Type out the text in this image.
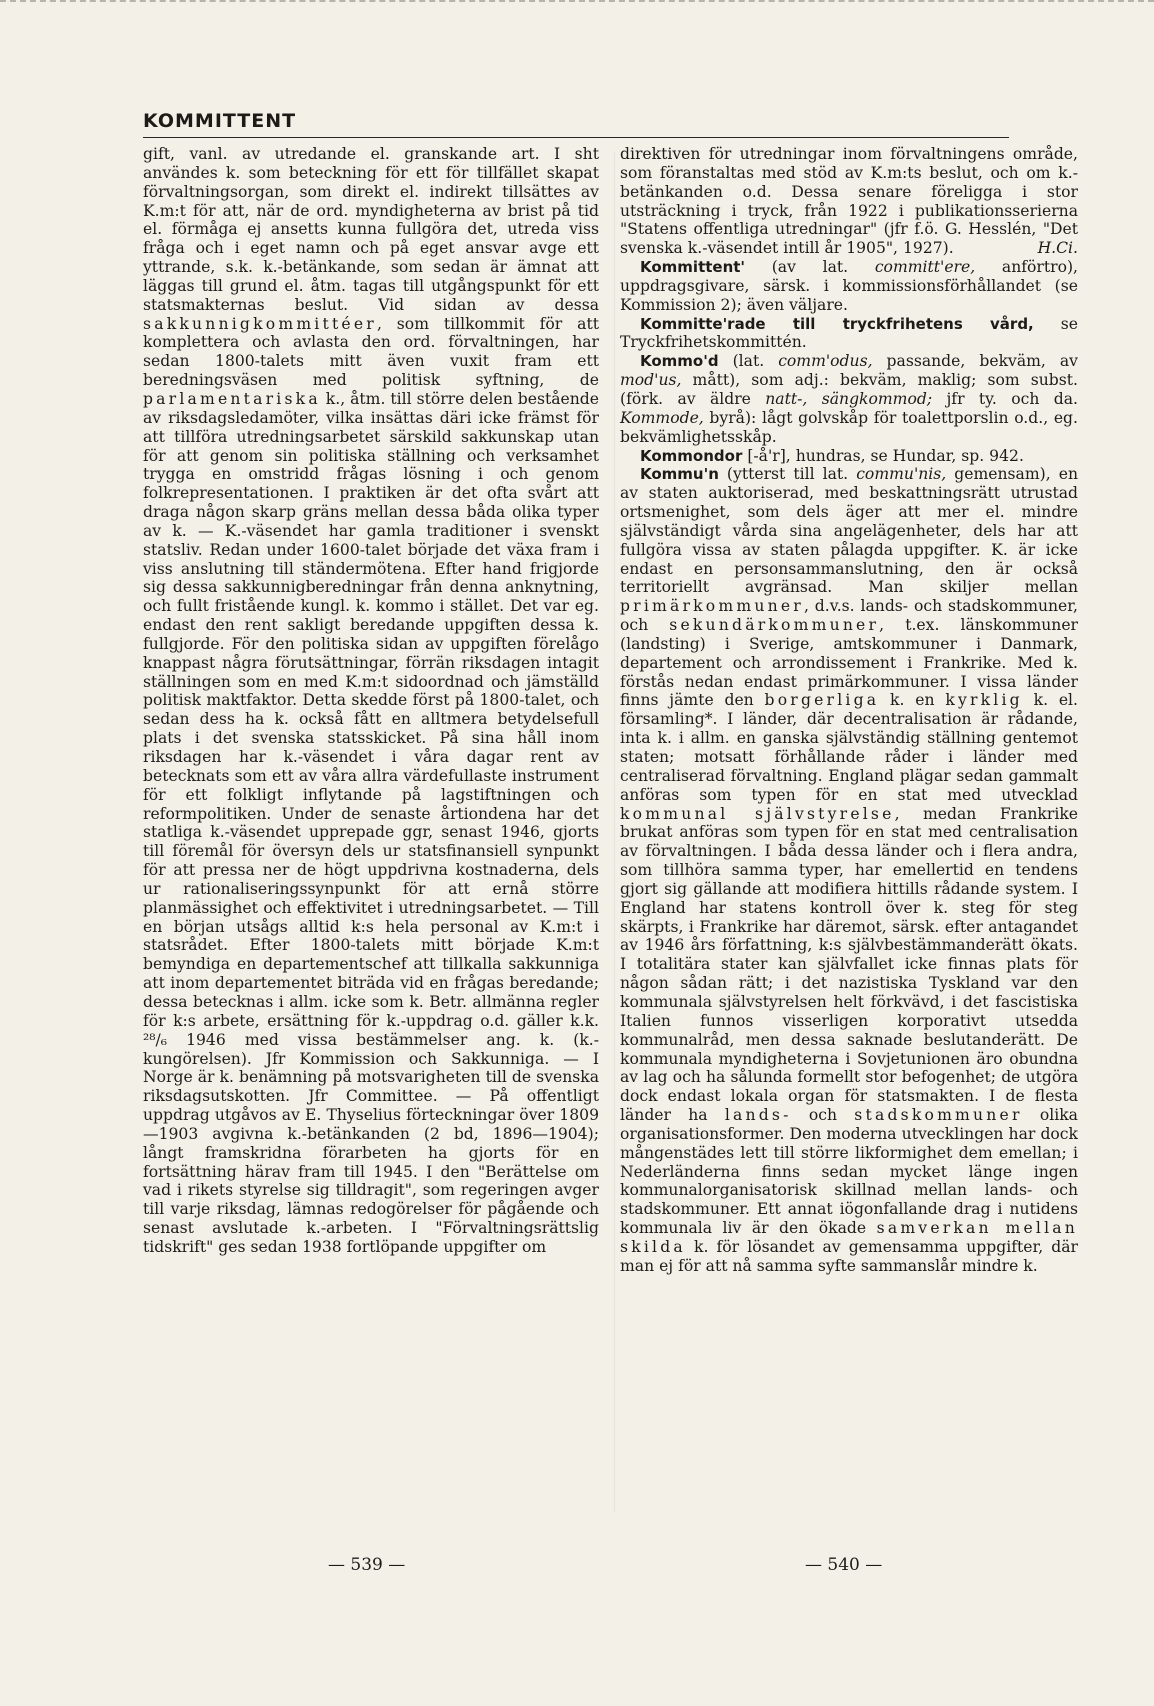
KOMMITTENT

gift, vanl. av utredande el. granskande art. I sht användes k. som beteckning för ett för tillfället skapat förvaltningsorgan, som direkt el. indirekt tillsättes av K.m:t för att, när de ord. myndigheterna av brist på tid el. förmåga ej ansetts kunna fullgöra det, utreda viss fråga och i eget namn och på eget ansvar avge ett yttrande, s.k. k.-betänkande, som sedan är ämnat att läggas till grund el. åtm. tagas till utgångspunkt för ett statsmakternas beslut. Vid sidan av dessa sakkunnigkommittéer, som tillkommit för att komplettera och avlasta den ord. förvaltningen, har sedan 1800-talets mitt även vuxit fram ett beredningsväsen med politisk syftning, de parlamentariska k., åtm. till större delen bestående av riksdagsledamöter, vilka insättas däri icke främst för att tillföra utredningsarbetet särskild sakkunskap utan för att genom sin politiska ställning och verksamhet trygga en omstridd frågas lösning i och genom folkrepresentationen. I praktiken är det ofta svårt att draga någon skarp gräns mellan dessa båda olika typer av k. — K.-väsendet har gamla traditioner i svenskt statsliv. Redan under 1600-talet började det växa fram i viss anslutning till ständermötena. Efter hand frigjorde sig dessa sakkunnigberedningar från denna anknytning, och fullt fristående kungl. k. kommo i stället. Det var eg. endast den rent sakligt beredande uppgiften dessa k. fullgjorde. För den politiska sidan av uppgiften förelågo knappast några förutsättningar, förrän riksdagen intagit ställningen som en med K.m:t sidoordnad och jämställd politisk maktfaktor. Detta skedde först på 1800-talet, och sedan dess ha k. också fått en alltmera betydelsefull plats i det svenska statsskicket. På sina håll inom riksdagen har k.-väsendet i våra dagar rent av betecknats som ett av våra allra värdefullaste instrument för ett folkligt inflytande på lagstiftningen och reformpolitiken. Under de senaste årtiondena har det statliga k.-väsendet upprepade ggr, senast 1946, gjorts till föremål för översyn dels ur statsfinansiell synpunkt för att pressa ner de högt uppdrivna kostnaderna, dels ur rationaliseringssynpunkt för att ernå större planmässighet och effektivitet i utredningsarbetet. — Till en början utsågs alltid k:s hela personal av K.m:t i statsrådet. Efter 1800-talets mitt började K.m:t bemyndiga en departementschef att tillkalla sakkunniga att inom departementet biträda vid en frågas beredande; dessa betecknas i allm. icke som k. Betr. allmänna regler för k:s arbete, ersättning för k.-uppdrag o.d. gäller k.k. ²⁸/₆ 1946 med vissa bestämmelser ang. k. (k.-kungörelsen). Jfr Kommission och Sakkunniga. — I Norge är k. benämning på motsvarigheten till de svenska riksdagsutskotten. Jfr Committee. — På offentligt uppdrag utgåvos av E. Thyselius förteckningar över 1809—1903 avgivna k.-betänkanden (2 bd, 1896—1904); långt framskridna förarbeten ha gjorts för en fortsättning härav fram till 1945. I den "Berättelse om vad i rikets styrelse sig tilldragit", som regeringen avger till varje riksdag, lämnas redogörelser för pågående och senast avslutade k.-arbeten. I "Förvaltningsrättslig tidskrift" ges sedan 1938 fortlöpande uppgifter om

direktiven för utredningar inom förvaltningens område, som föranstaltas med stöd av K.m:ts beslut, och om k.-betänkanden o.d. Dessa senare föreligga i stor utsträckning i tryck, från 1922 i publikationsserierna "Statens offentliga utredningar" (jfr f.ö. G. Hesslén, "Det svenska k.-väsendet intill år 1905", 1927).	H.Ci.

Kommittent' (av lat. committ'ere, anförtro), uppdragsgivare, särsk. i kommissionsförhållandet (se Kommission 2); även väljare.

Kommitte'rade till tryckfrihetens vård, se Tryckfrihetskommittén.

Kommo'd (lat. comm'odus, passande, bekväm, av mod'us, mått), som adj.: bekväm, maklig; som subst. (förk. av äldre natt-, sängkommod; jfr ty. och da. Kommode, byrå): lågt golvskåp för toalettporslin o.d., eg. bekvämlighetsskåp.

Kommondor [-å'r], hundras, se Hundar, sp. 942.

Kommu'n (ytterst till lat. commu'nis, gemensam), en av staten auktoriserad, med beskattningsrätt utrustad ortsmenighet, som dels äger att mer el. mindre självständigt vårda sina angelägenheter, dels har att fullgöra vissa av staten pålagda uppgifter. K. är icke endast en personsammanslutning, den är också territoriellt avgränsad. Man skiljer mellan primärkommuner, d.v.s. lands- och stadskommuner, och sekundärkommuner, t.ex. länskommuner (landsting) i Sverige, amtskommuner i Danmark, departement och arrondissement i Frankrike. Med k. förstås nedan endast primärkommuner. I vissa länder finns jämte den borgerliga k. en kyrklig k. el. församling*. I länder, där decentralisation är rådande, inta k. i allm. en ganska självständig ställning gentemot staten; motsatt förhållande råder i länder med centraliserad förvaltning. England plägar sedan gammalt anföras som typen för en stat med utvecklad kommunal självstyrelse, medan Frankrike brukat anföras som typen för en stat med centralisation av förvaltningen. I båda dessa länder och i flera andra, som tillhöra samma typer, har emellertid en tendens gjort sig gällande att modifiera hittills rådande system. I England har statens kontroll över k. steg för steg skärpts, i Frankrike har däremot, särsk. efter antagandet av 1946 års författning, k:s självbestämmanderätt ökats. I totalitära stater kan självfallet icke finnas plats för någon sådan rätt; i det nazistiska Tyskland var den kommunala självstyrelsen helt förkvävd, i det fascistiska Italien funnos visserligen korporativt utsedda kommunalråd, men dessa saknade beslutanderätt. De kommunala myndigheterna i Sovjetunionen äro obundna av lag och ha sålunda formellt stor befogenhet; de utgöra dock endast lokala organ för statsmakten. I de flesta länder ha lands- och stadskommuner olika organisationsformer. Den moderna utvecklingen har dock mångenstädes lett till större likformighet dem emellan; i Nederländerna finns sedan mycket länge ingen kommunalorganisatorisk skillnad mellan lands- och stadskommuner. Ett annat iögonfallande drag i nutidens kommunala liv är den ökade samverkan mellan skilda k. för lösandet av gemensamma uppgifter, där man ej för att nå samma syfte sammanslår mindre k.

— 539 —	— 540 —
